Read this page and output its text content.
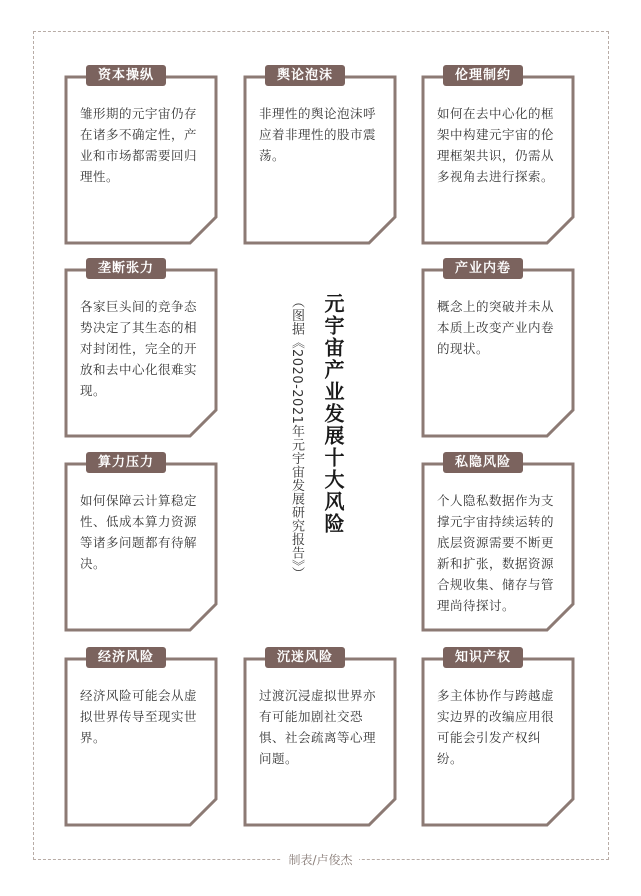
元宇宙产业发展十大风险
（图据《2020-2021年元宇宙发展研究报告》）
资本操纵
雏形期的元宇宙仍存在诸多不确定性，产业和市场都需要回归理性。
舆论泡沫
非理性的舆论泡沫呼应着非理性的股市震荡。
伦理制约
如何在去中心化的框架中构建元宇宙的伦理框架共识，仍需从多视角去进行探索。
垄断张力
各家巨头间的竞争态势决定了其生态的相对封闭性，完全的开放和去中心化很难实现。
产业内卷
概念上的突破并未从本质上改变产业内卷的现状。
算力压力
如何保障云计算稳定性、低成本算力资源等诸多问题都有待解决。
私隐风险
个人隐私数据作为支撑元宇宙持续运转的底层资源需要不断更新和扩张，数据资源合规收集、储存与管理尚待探讨。
经济风险
经济风险可能会从虚拟世界传导至现实世界。
沉迷风险
过渡沉浸虚拟世界亦有可能加剧社交恐惧、社会疏离等心理问题。
知识产权
多主体协作与跨越虚实边界的改编应用很可能会引发产权纠纷。
制表/卢俊杰
